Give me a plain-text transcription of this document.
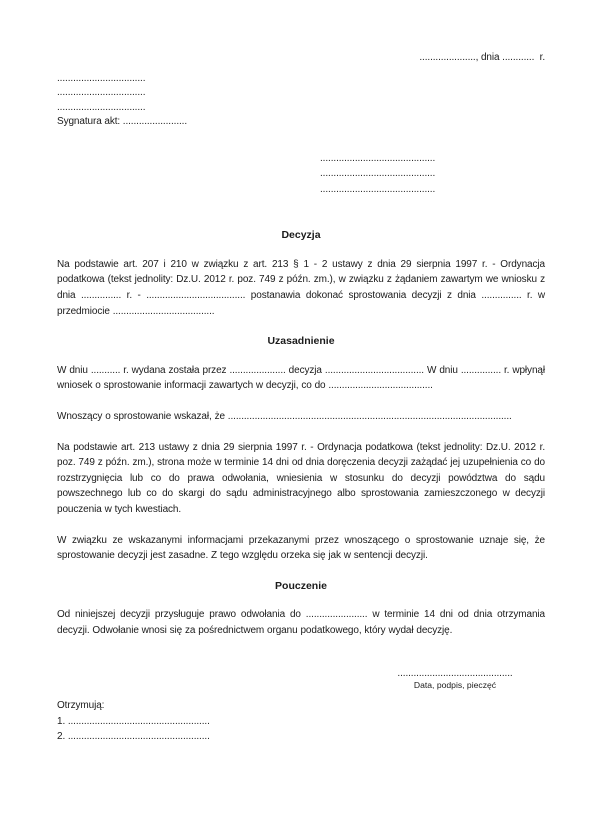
....................., dnia ............  r.
.................................
.................................
.................................
Sygnatura akt: ........................
...........................................
...........................................
...........................................
Decyzja

Na podstawie art. 207 i 210 w związku z art. 213 § 1 - 2 ustawy z dnia 29 sierpnia 1997 r. - Ordynacja podatkowa (tekst jednolity: Dz.U. 2012 r. poz. 749 z późn. zm.), w związku z żądaniem zawartym we wniosku z dnia ............... r. - ..................................... postanawia dokonać sprostowania decyzji z dnia ............... r. w przedmiocie ......................................

Uzasadnienie

W dniu ........... r. wydana została przez ..................... decyzja ..................................... W dniu ............... r. wpłynął wniosek o sprostowanie informacji zawartych w decyzji, co do .......................................

Wnoszący o sprostowanie wskazał, że ..........................................................................................................

Na podstawie art. 213 ustawy z dnia 29 sierpnia 1997 r. - Ordynacja podatkowa (tekst jednolity: Dz.U. 2012 r. poz. 749 z późn. zm.), strona może w terminie 14 dni od dnia doręczenia decyzji zażądać jej uzupełnienia co do rozstrzygnięcia lub co do prawa odwołania, wniesienia w stosunku do decyzji powództwa do sądu powszechnego lub co do skargi do sądu administracyjnego albo sprostowania zamieszczonego w decyzji pouczenia w tych kwestiach.

W związku ze wskazanymi informacjami przekazanymi przez wnoszącego o sprostowanie uznaje się, że sprostowanie decyzji jest zasadne. Z tego względu orzeka się jak w sentencji decyzji.

Pouczenie

Od niniejszej decyzji przysługuje prawo odwołania do ....................... w terminie 14 dni od dnia otrzymania decyzji. Odwołanie wnosi się za pośrednictwem organu podatkowego, który wydał decyzję.

...........................................
Data, podpis, pieczęć
Otrzymują:
1. .....................................................
2. .....................................................
